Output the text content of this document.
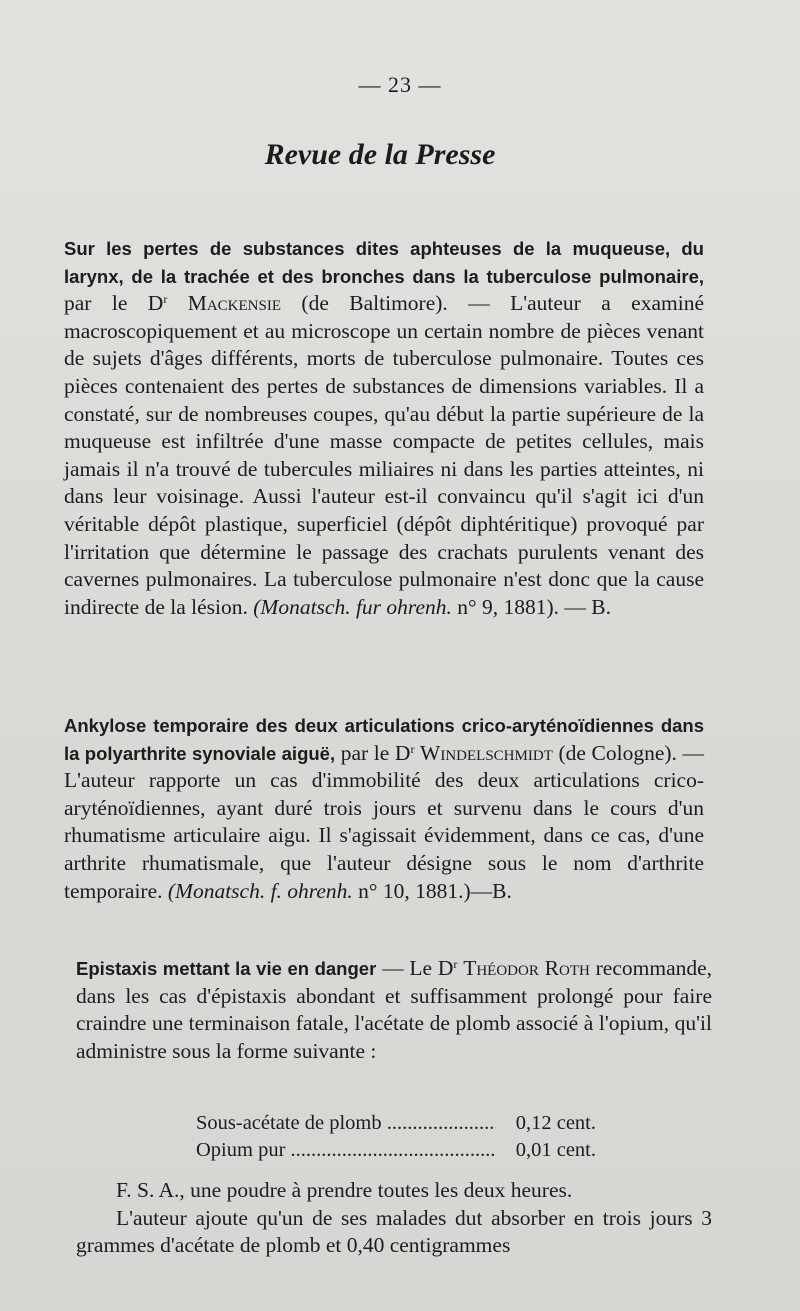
— 23 —
Revue de la Presse

Sur les pertes de substances dites aphteuses de la muqueuse, du larynx, de la trachée et des bronches dans la tuberculose pulmonaire, par le $D^r$ Mackensie (de Baltimore). — L'auteur a examiné macroscopiquement et au microscope un certain nombre de pièces venant de sujets d'âges différents, morts de tuberculose pulmonaire. Toutes ces pièces contenaient des pertes de substances de dimensions variables. Il a constaté, sur de nombreuses coupes, qu'au début la partie supérieure de la muqueuse est infiltrée d'une masse compacte de petites cellules, mais jamais il n'a trouvé de tubercules miliaires ni dans les parties atteintes, ni dans leur voisinage. Aussi l'auteur est-il convaincu qu'il s'agit ici d'un véritable dépôt plastique, superficiel (dépôt diphtéritique) provoqué par l'irritation que détermine le passage des crachats purulents venant des cavernes pulmonaires. La tuberculose pulmonaire n'est donc que la cause indirecte de la lésion. (Monatsch. fur ohrenh. n° 9, 1881). — B.

Ankylose temporaire des deux articulations crico-aryténoïdiennes dans la polyarthrite synoviale aiguë, par le $D^r$ Windelschmidt (de Cologne). — L'auteur rapporte un cas d'immobilité des deux articulations crico-aryténoïdiennes, ayant duré trois jours et survenu dans le cours d'un rhumatisme articulaire aigu. Il s'agissait évidemment, dans ce cas, d'une arthrite rhumatismale, que l'auteur désigne sous le nom d'arthrite temporaire. (Monatsch. f. ohrenh. n° 10, 1881.)—B.

Epistaxis mettant la vie en danger — Le $D^r$ Théodor Roth recommande, dans les cas d'épistaxis abondant et suffisamment prolongé pour faire craindre une terminaison fatale, l'acétate de plomb associé à l'opium, qu'il administre sous la forme suivante :

Sous-acétate de plomb .....	0,12 cent.
Opium pur .....	0,01 cent.

F. S. A., une poudre à prendre toutes les deux heures.

L'auteur ajoute qu'un de ses malades dut absorber en trois jours 3 grammes d'acétate de plomb et 0,40 centigrammes
